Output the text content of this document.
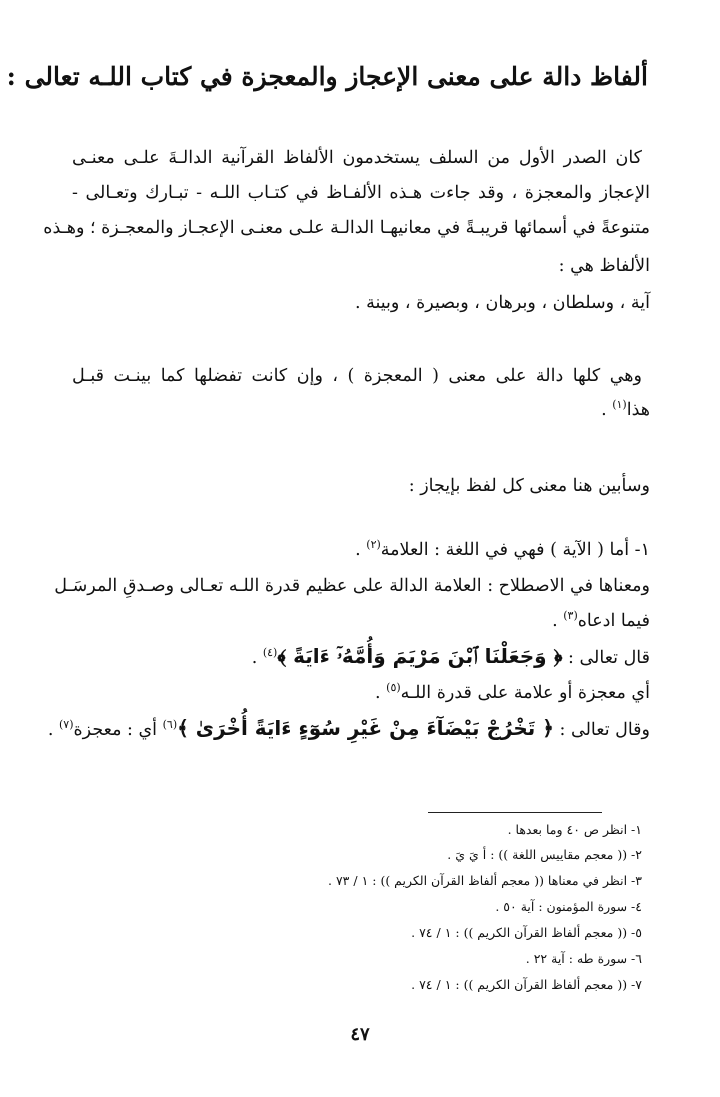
ألفاظ دالة على معنى الإعجاز والمعجزة في كتاب اللـه تعالى :
كان الصدر الأول من السلف يستخدمون الألفاظ القرآنية الدالـةَ علـى معنـى
الإعجاز والمعجزة ، وقد جاءت هـذه الألفـاظ في كتـاب اللـه - تبـارك وتعـالى -
متنوعةً في أسمائها قريبـةً في معانيهـا الدالـة علـى معنـى الإعجـاز والمعجـزة ؛ وهـذه
الألفاظ هي :
آية ، وسلطان ، وبرهان ، وبصيرة ، وبينة .
وهي كلها دالة على معنى ( المعجزة ) ، وإن كانت تفضلها كما بينـت قبـل
هذا$^{(١)}$ .
وسأبين هنا معنى كل لفظ بإيجاز :
١- أما ( الآية ) فهي في اللغة : العلامة$^{(٢)}$ .
ومعناها في الاصطلاح : العلامة الدالة على عظيم قدرة اللـه تعـالى وصـدقِ المرسَـل
فيما ادعاه$^{(٣)}$ .
قال تعالى : ﴿ وَجَعَلْنَا ٱبْنَ مَرْيَمَ وَأُمَّهُۥٓ ءَايَةً ﴾$^{(٤)}$ .
أي معجزة أو علامة على قدرة اللـه$^{(٥)}$ .
وقال تعالى : ﴿ تَخْرُجْ بَيْضَآءَ مِنْ غَيْرِ سُوٓءٍ ءَايَةً أُخْرَىٰ ﴾$^{(٦)}$ أي : معجزة$^{(٧)}$ .
١- انظر ص ٤٠ وما بعدها .
٢- (( معجم مقاييس اللغة )) : أ يَ يَ .
٣- انظر في معناها (( معجم ألفاظ القرآن الكريم )) : ١ / ٧٣ .
٤- سورة المؤمنون : آية ٥٠ .
٥- (( معجم ألفاظ القرآن الكريم )) : ١ / ٧٤ .
٦- سورة طه : آية ٢٢ .
٧- (( معجم ألفاظ القرآن الكريم )) : ١ / ٧٤ .
٤٧
